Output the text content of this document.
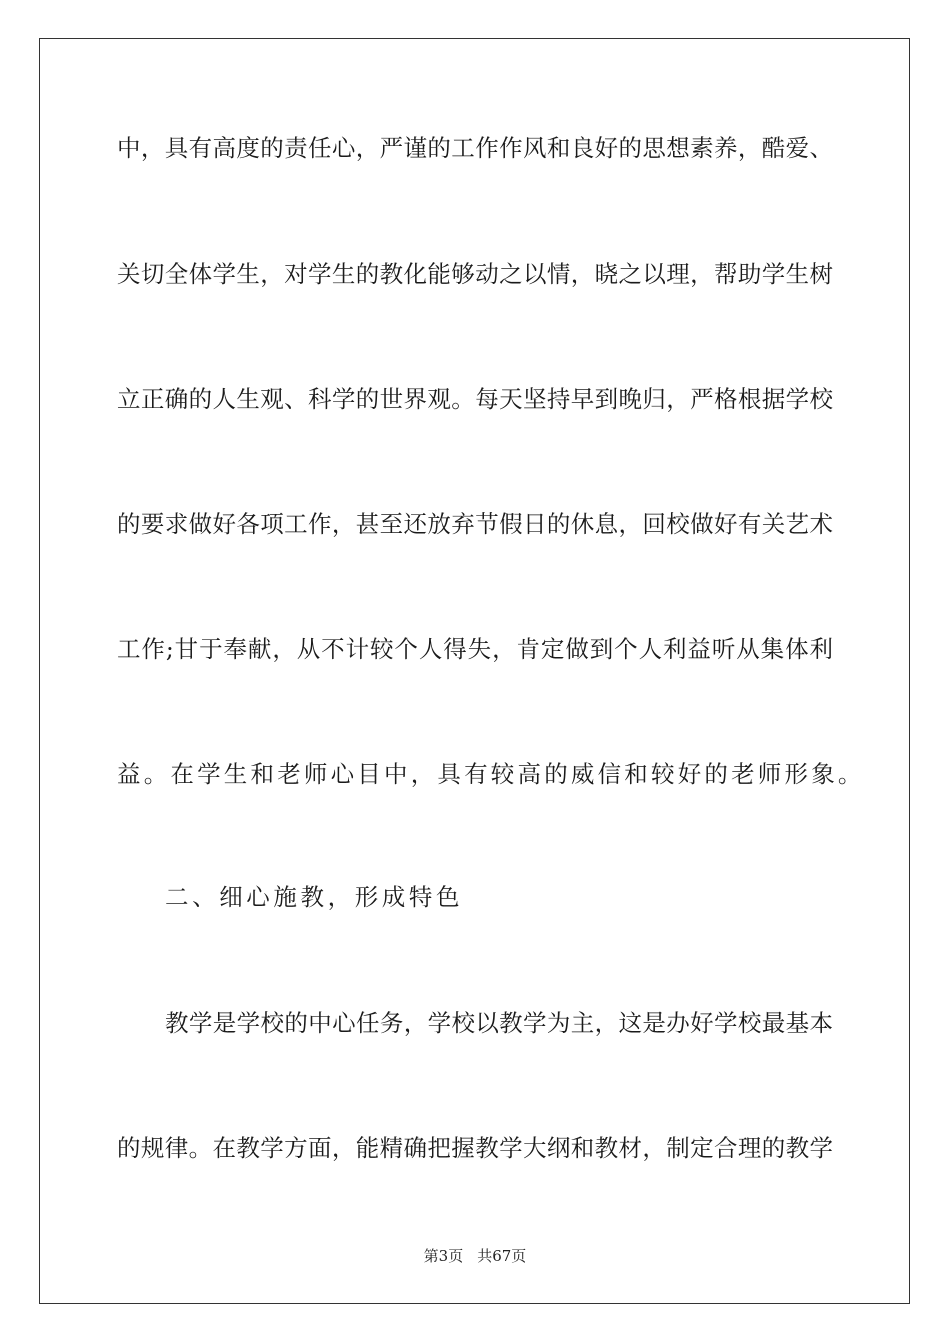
中，具有高度的责任心，严谨的工作作风和良好的思想素养，酷爱、
关切全体学生，对学生的教化能够动之以情，晓之以理，帮助学生树
立正确的人生观、科学的世界观。每天坚持早到晚归，严格根据学校
的要求做好各项工作，甚至还放弃节假日的休息，回校做好有关艺术
工作;甘于奉献，从不计较个人得失，肯定做到个人利益听从集体利
益。在学生和老师心目中，具有较高的威信和较好的老师形象。
二、细心施教，形成特色
教学是学校的中心任务，学校以教学为主，这是办好学校最基本
的规律。在教学方面，能精确把握教学大纲和教材，制定合理的教学
第3页 共67页
